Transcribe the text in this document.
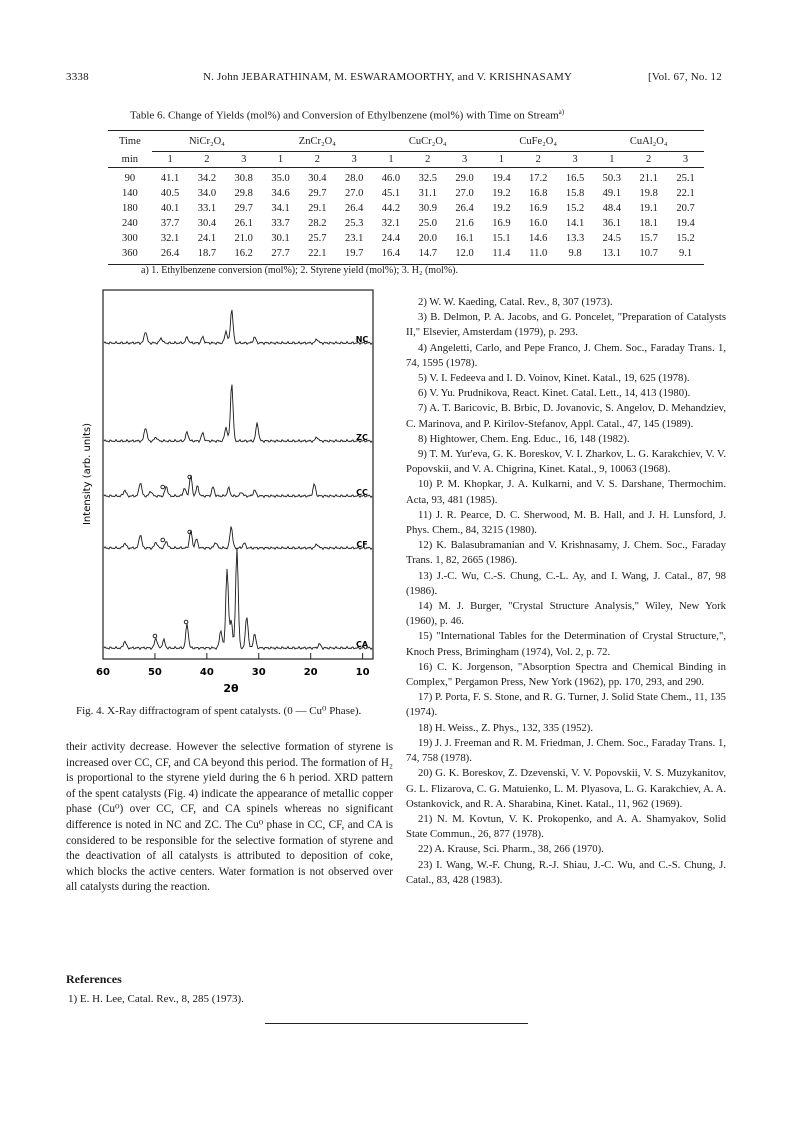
3338	N. John JEBARATHINAM, M. ESWARAMOORTHY, and V. KRISHNASAMY	[Vol. 67, No. 12
Table 6. Change of Yields (mol%) and Conversion of Ethylbenzene (mol%) with Time on Stream$^{a)}$
Time	NiCr₂O₄			ZnCr₂O₄			CuCr₂O₄			CuFe₂O₄			CuAl₂O₄		
min	1	2	3	1	2	3	1	2	3	1	2	3	1	2	3
90	41.1	34.2	30.8	35.0	30.4	28.0	46.0	32.5	29.0	19.4	17.2	16.5	50.3	21.1	25.1
140	40.5	34.0	29.8	34.6	29.7	27.0	45.1	31.1	27.0	19.2	16.8	15.8	49.1	19.8	22.1
180	40.1	33.1	29.7	34.1	29.1	26.4	44.2	30.9	26.4	19.2	16.9	15.2	48.4	19.1	20.7
240	37.7	30.4	26.1	33.7	28.2	25.3	32.1	25.0	21.6	16.9	16.0	14.1	36.1	18.1	19.4
300	32.1	24.1	21.0	30.1	25.7	23.1	24.4	20.0	16.1	15.1	14.6	13.3	24.5	15.7	15.2
360	26.4	18.7	16.2	27.7	22.1	19.7	16.4	14.7	12.0	11.4	11.0	9.8	13.1	10.7	9.1
a) 1. Ethylbenzene conversion (mol%); 2. Styrene yield (mol%); 3. H₂ (mol%).
Intensity (arb. units)
2θ
60	50	40	30	20	10
NC
ZC
CC
CF
CA
Fig. 4. X-Ray diffractogram of spent catalysts. (0 — Cu⁰ Phase).

their activity decrease. However the selective formation of styrene is increased over CC, CF, and CA beyond this period. The formation of H₂ is proportional to the styrene yield during the 6 h period. XRD pattern of the spent catalysts (Fig. 4) indicate the appearance of metallic copper phase (Cu⁰) over CC, CF, and CA spinels whereas no significant difference is noted in NC and ZC. The Cu⁰ phase in CC, CF, and CA is considered to be responsible for the selective formation of styrene and the deactivation of all catalysts is attributed to deposition of coke, which blocks the active centers. Water formation is not observed over all catalysts during the reaction.

References
1) E. H. Lee, Catal. Rev., 8, 285 (1973).
2) W. W. Kaeding, Catal. Rev., 8, 307 (1973).
3) B. Delmon, P. A. Jacobs, and G. Poncelet, "Preparation of Catalysts II," Elsevier, Amsterdam (1979), p. 293.
4) Angeletti, Carlo, and Pepe Franco, J. Chem. Soc., Faraday Trans. 1, 74, 1595 (1978).
5) V. I. Fedeeva and I. D. Voinov, Kinet. Katal., 19, 625 (1978).
6) V. Yu. Prudnikova, React. Kinet. Catal. Lett., 14, 413 (1980).
7) A. T. Baricovic, B. Brbic, D. Jovanovic, S. Angelov, D. Mehandziev, C. Marinova, and P. Kirilov-Stefanov, Appl. Catal., 47, 145 (1989).
8) Hightower, Chem. Eng. Educ., 16, 148 (1982).
9) T. M. Yur'eva, G. K. Boreskov, V. I. Zharkov, L. G. Karakchiev, V. V. Popovskii, and V. A. Chigrina, Kinet. Katal., 9, 10063 (1968).
10) P. M. Khopkar, J. A. Kulkarni, and V. S. Darshane, Thermochim. Acta, 93, 481 (1985).
11) J. R. Pearce, D. C. Sherwood, M. B. Hall, and J. H. Lunsford, J. Phys. Chem., 84, 3215 (1980).
12) K. Balasubramanian and V. Krishnasamy, J. Chem. Soc., Faraday Trans. 1, 82, 2665 (1986).
13) J.-C. Wu, C.-S. Chung, C.-L. Ay, and I. Wang, J. Catal., 87, 98 (1986).
14) M. J. Burger, "Crystal Structure Analysis," Wiley, New York (1960), p. 46.
15) "International Tables for the Determination of Crystal Structure,", Knoch Press, Brimingham (1974), Vol. 2, p. 72.
16) C. K. Jorgenson, "Absorption Spectra and Chemical Binding in Complex," Pergamon Press, New York (1962), pp. 170, 293, and 290.
17) P. Porta, F. S. Stone, and R. G. Turner, J. Solid State Chem., 11, 135 (1974).
18) H. Weiss., Z. Phys., 132, 335 (1952).
19) J. J. Freeman and R. M. Friedman, J. Chem. Soc., Faraday Trans. 1, 74, 758 (1978).
20) G. K. Boreskov, Z. Dzevenski, V. V. Popovskii, V. S. Muzykanitov, G. L. Flizarova, C. G. Matuienko, L. M. Plyasova, L. G. Karakchiev, A. A. Ostankovick, and R. A. Sharabina, Kinet. Katal., 11, 962 (1969).
21) N. M. Kovtun, V. K. Prokopenko, and A. A. Shamyakov, Solid State Commun., 26, 877 (1978).
22) A. Krause, Sci. Pharm., 38, 266 (1970).
23) I. Wang, W.-F. Chung, R.-J. Shiau, J.-C. Wu, and C.-S. Chung, J. Catal., 83, 428 (1983).
